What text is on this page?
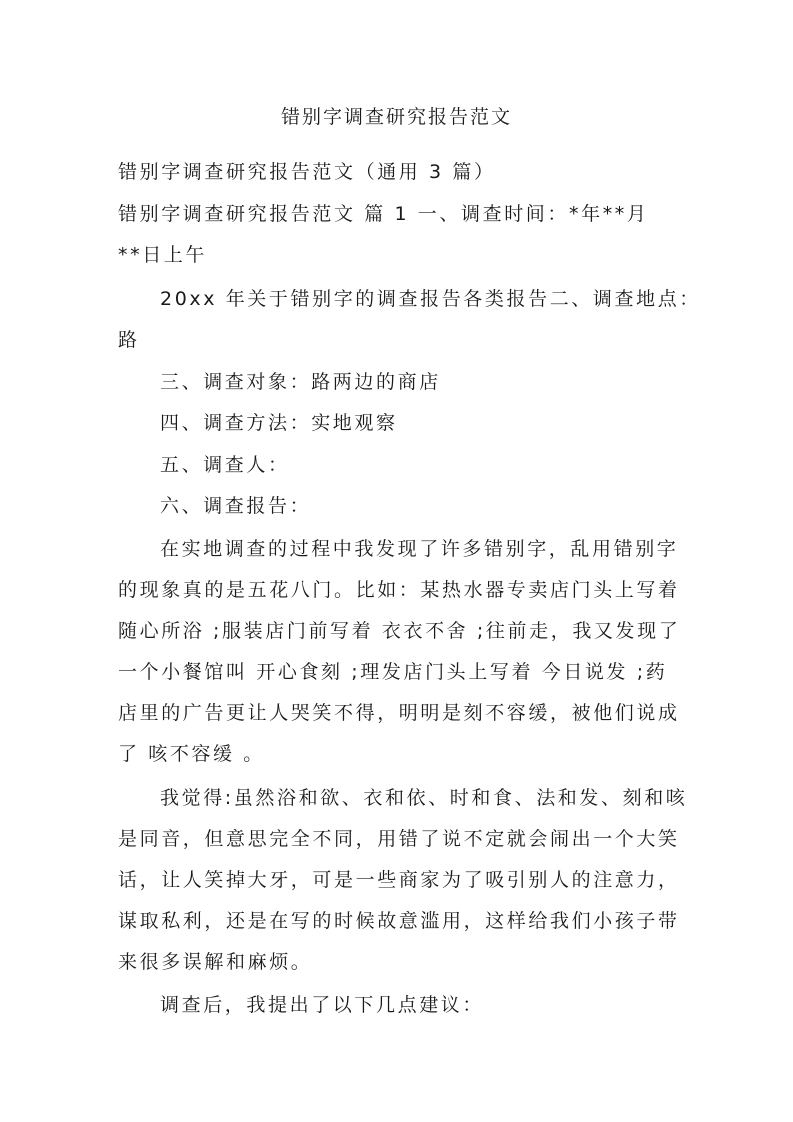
错别字调查研究报告范文
错别字调查研究报告范文（通用 3 篇）
错别字调查研究报告范文 篇 1 一、调查时间：*年**月
**日上午
20xx 年关于错别字的调查报告各类报告二、调查地点：
路
三、调查对象：路两边的商店
四、调查方法：实地观察
五、调查人：
六、调查报告：
在实地调查的过程中我发现了许多错别字，乱用错别字
的现象真的是五花八门。比如：某热水器专卖店门头上写着
随心所浴 ;服装店门前写着 衣衣不舍 ;往前走，我又发现了
一个小餐馆叫 开心食刻 ;理发店门头上写着 今日说发 ;药
店里的广告更让人哭笑不得，明明是刻不容缓，被他们说成
了 咳不容缓 。
我觉得:虽然浴和欲、衣和依、时和食、法和发、刻和咳
是同音，但意思完全不同，用错了说不定就会闹出一个大笑
话，让人笑掉大牙，可是一些商家为了吸引别人的注意力，
谋取私利，还是在写的时候故意滥用，这样给我们小孩子带
来很多误解和麻烦。
调查后，我提出了以下几点建议：
